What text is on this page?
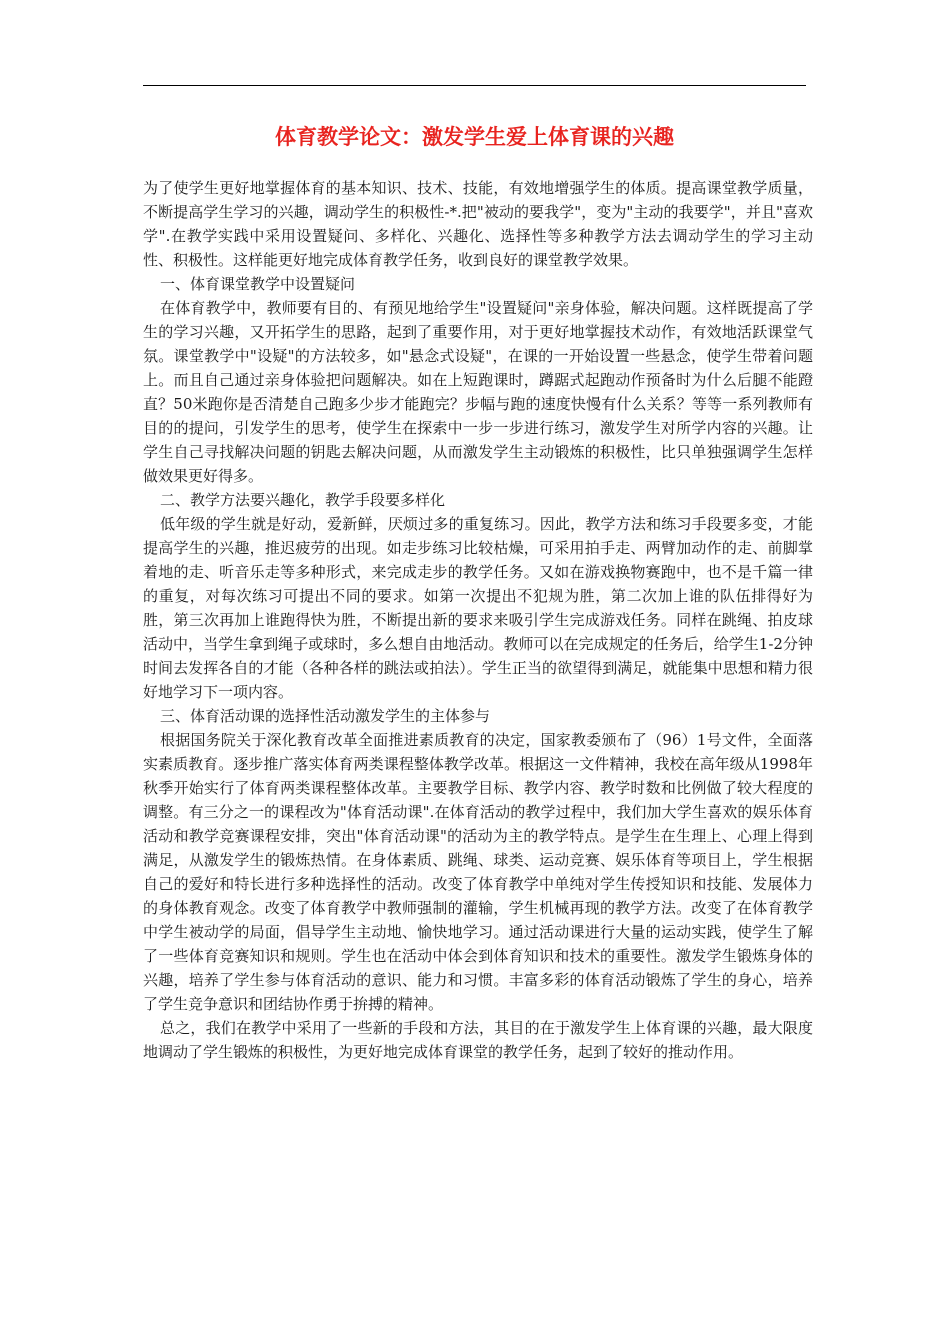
体育教学论文：激发学生爱上体育课的兴趣

为了使学生更好地掌握体育的基本知识、技术、技能，有效地增强学生的体质。提高课堂教学质量，不断提高学生学习的兴趣，调动学生的积极性-*.把"被动的要我学"，变为"主动的我要学"，并且"喜欢学".在教学实践中采用设置疑问、多样化、兴趣化、选择性等多种教学方法去调动学生的学习主动性、积极性。这样能更好地完成体育教学任务，收到良好的课堂教学效果。

一、体育课堂教学中设置疑问

在体育教学中，教师要有目的、有预见地给学生"设置疑问"亲身体验，解决问题。这样既提高了学生的学习兴趣，又开拓学生的思路，起到了重要作用，对于更好地掌握技术动作，有效地活跃课堂气氛。课堂教学中"设疑"的方法较多，如"悬念式设疑"，在课的一开始设置一些悬念，使学生带着问题上。而且自己通过亲身体验把问题解决。如在上短跑课时，蹲踞式起跑动作预备时为什么后腿不能蹬直？50米跑你是否清楚自己跑多少步才能跑完？步幅与跑的速度快慢有什么关系？等等一系列教师有目的的提问，引发学生的思考，使学生在探索中一步一步进行练习，激发学生对所学内容的兴趣。让学生自己寻找解决问题的钥匙去解决问题，从而激发学生主动锻炼的积极性，比只单独强调学生怎样做效果更好得多。

二、教学方法要兴趣化，教学手段要多样化

低年级的学生就是好动，爱新鲜，厌烦过多的重复练习。因此，教学方法和练习手段要多变，才能提高学生的兴趣，推迟疲劳的出现。如走步练习比较枯燥，可采用拍手走、两臂加动作的走、前脚掌着地的走、听音乐走等多种形式，来完成走步的教学任务。又如在游戏换物赛跑中，也不是千篇一律的重复，对每次练习可提出不同的要求。如第一次提出不犯规为胜，第二次加上谁的队伍排得好为胜，第三次再加上谁跑得快为胜，不断提出新的要求来吸引学生完成游戏任务。同样在跳绳、拍皮球活动中，当学生拿到绳子或球时，多么想自由地活动。教师可以在完成规定的任务后，给学生1-2分钟时间去发挥各自的才能（各种各样的跳法或拍法）。学生正当的欲望得到满足，就能集中思想和精力很好地学习下一项内容。

三、体育活动课的选择性活动激发学生的主体参与

根据国务院关于深化教育改革全面推进素质教育的决定，国家教委颁布了（96）1号文件，全面落实素质教育。逐步推广落实体育两类课程整体教学改革。根据这一文件精神，我校在高年级从1998年秋季开始实行了体育两类课程整体改革。主要教学目标、教学内容、教学时数和比例做了较大程度的调整。有三分之一的课程改为"体育活动课".在体育活动的教学过程中，我们加大学生喜欢的娱乐体育活动和教学竞赛课程安排，突出"体育活动课"的活动为主的教学特点。是学生在生理上、心理上得到满足，从激发学生的锻炼热情。在身体素质、跳绳、球类、运动竞赛、娱乐体育等项目上，学生根据自己的爱好和特长进行多种选择性的活动。改变了体育教学中单纯对学生传授知识和技能、发展体力的身体教育观念。改变了体育教学中教师强制的灌输，学生机械再现的教学方法。改变了在体育教学中学生被动学的局面，倡导学生主动地、愉快地学习。通过活动课进行大量的运动实践，使学生了解了一些体育竞赛知识和规则。学生也在活动中体会到体育知识和技术的重要性。激发学生锻炼身体的兴趣，培养了学生参与体育活动的意识、能力和习惯。丰富多彩的体育活动锻炼了学生的身心，培养了学生竞争意识和团结协作勇于拚搏的精神。

总之，我们在教学中采用了一些新的手段和方法，其目的在于激发学生上体育课的兴趣，最大限度地调动了学生锻炼的积极性，为更好地完成体育课堂的教学任务，起到了较好的推动作用。
